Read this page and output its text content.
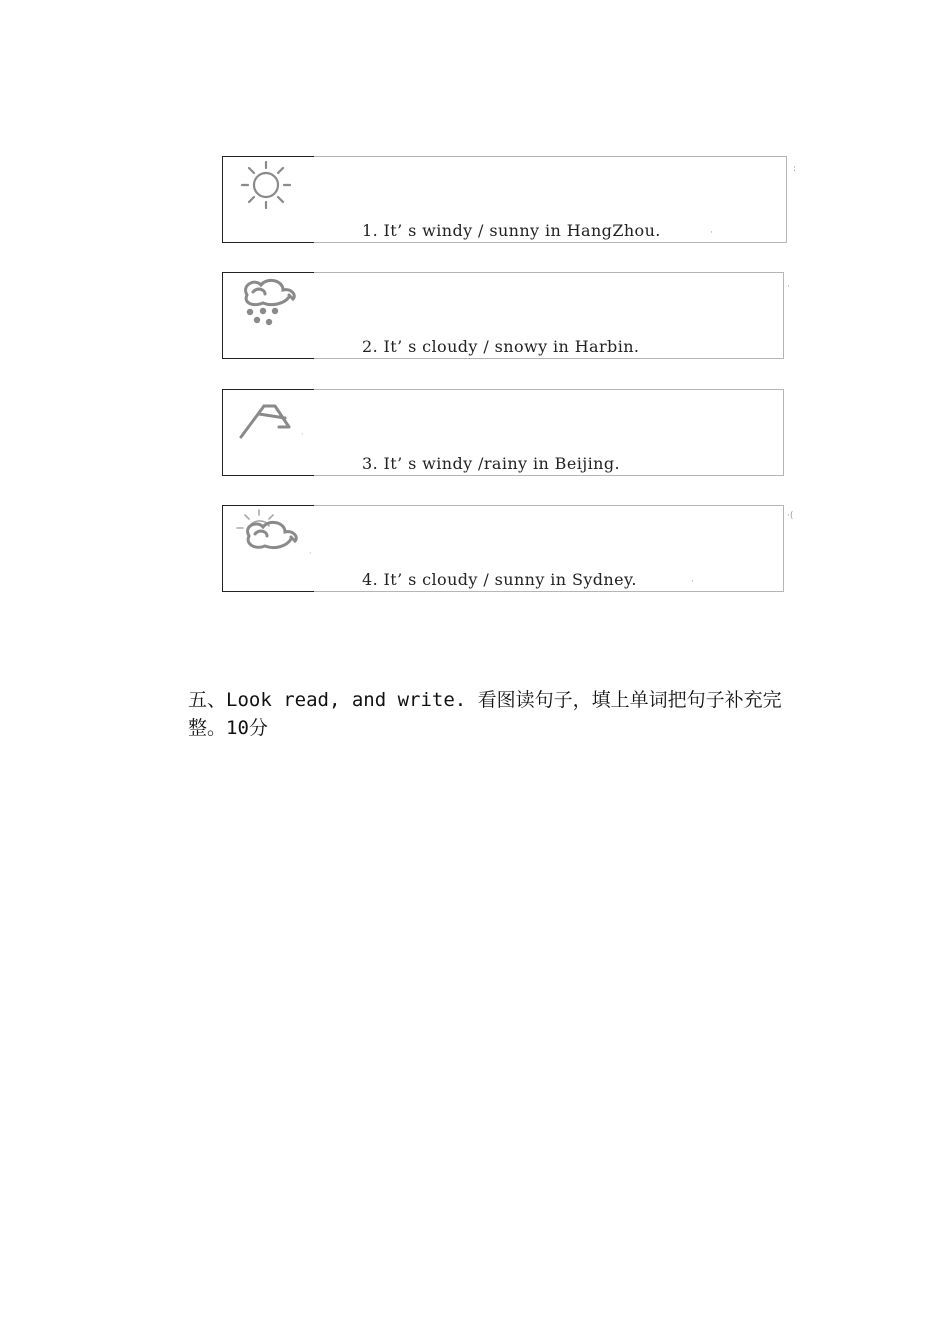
1. It’ s windy / sunny in HangZhou.	·
:
2. It’ s cloudy / snowy in Harbin.
·
·
3. It’ s windy /rainy in Beijing.
·
4. It’ s cloudy / sunny in Sydney.	·
·(
五、Look read, and write. 看图读句子，填上单词把句子补充完整。10分
